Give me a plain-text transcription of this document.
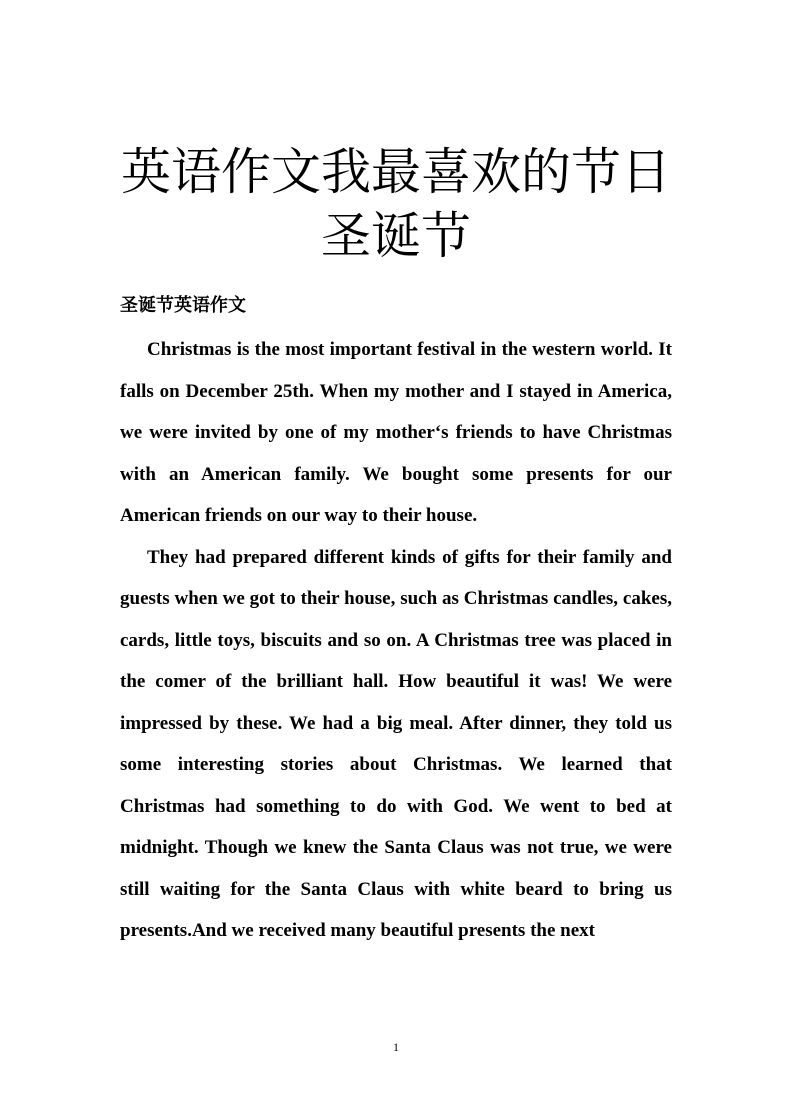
英语作文我最喜欢的节日
圣诞节
圣诞节英语作文

Christmas is the most important festival in the western world. It falls on December 25th. When my mother and I stayed in America, we were invited by one of my mother‘s friends to have Christmas with an American family. We bought some presents for our American friends on our way to their house.

They had prepared different kinds of gifts for their family and guests when we got to their house, such as Christmas candles, cakes, cards, little toys, biscuits and so on. A Christmas tree was placed in the comer of the brilliant hall. How beautiful it was! We were impressed by these. We had a big meal. After dinner, they told us some interesting stories about Christmas. We learned that Christmas had something to do with God. We went to bed at midnight. Though we knew the Santa Claus was not true, we were still waiting for the Santa Claus with white beard to bring us presents.And we received many beautiful presents the next

1
